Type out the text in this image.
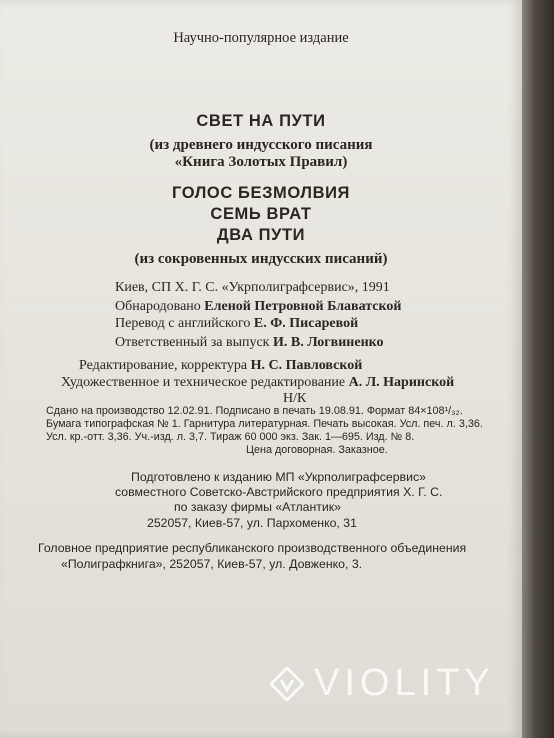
Научно-популярное издание
СВЕТ НА ПУТИ
(из древнего индусского писания
«Книга Золотых Правил)
ГОЛОС БЕЗМОЛВИЯ
СЕМЬ ВРАТ
ДВА ПУТИ
(из сокровенных индусских писаний)
Киев, СП Х. Г. С. «Укрполиграфсервис», 1991
Обнародовано Еленой Петровной Блаватской
Перевод с английского Е. Ф. Писаревой
Ответственный за выпуск И. В. Логвиненко
Редактирование, корректура Н. С. Павловской
Художественное и техническое редактирование А. Л. Наринской
Н/К
Сдано на производство 12.02.91. Подписано в печать 19.08.91. Формат 84×108¹/₃₂.
Бумага типографская № 1. Гарнитура литературная. Печать высокая. Усл. печ. л. 3,36.
Усл. кр.-отт. 3,36. Уч.-изд. л. 3,7. Тираж 60 000 экз. Зак. 1—695. Изд. № 8.
Цена договорная. Заказное.
Подготовлено к изданию МП «Укрполиграфсервис»
совместного Советско-Австрийского предприятия Х. Г. С.
по заказу фирмы «Атлантик»
252057, Киев-57, ул. Пархоменко, 31
Головное предприятие республиканского производственного объединения
«Полиграфкнига», 252057, Киев-57, ул. Довженко, 3.
VIOLITY
